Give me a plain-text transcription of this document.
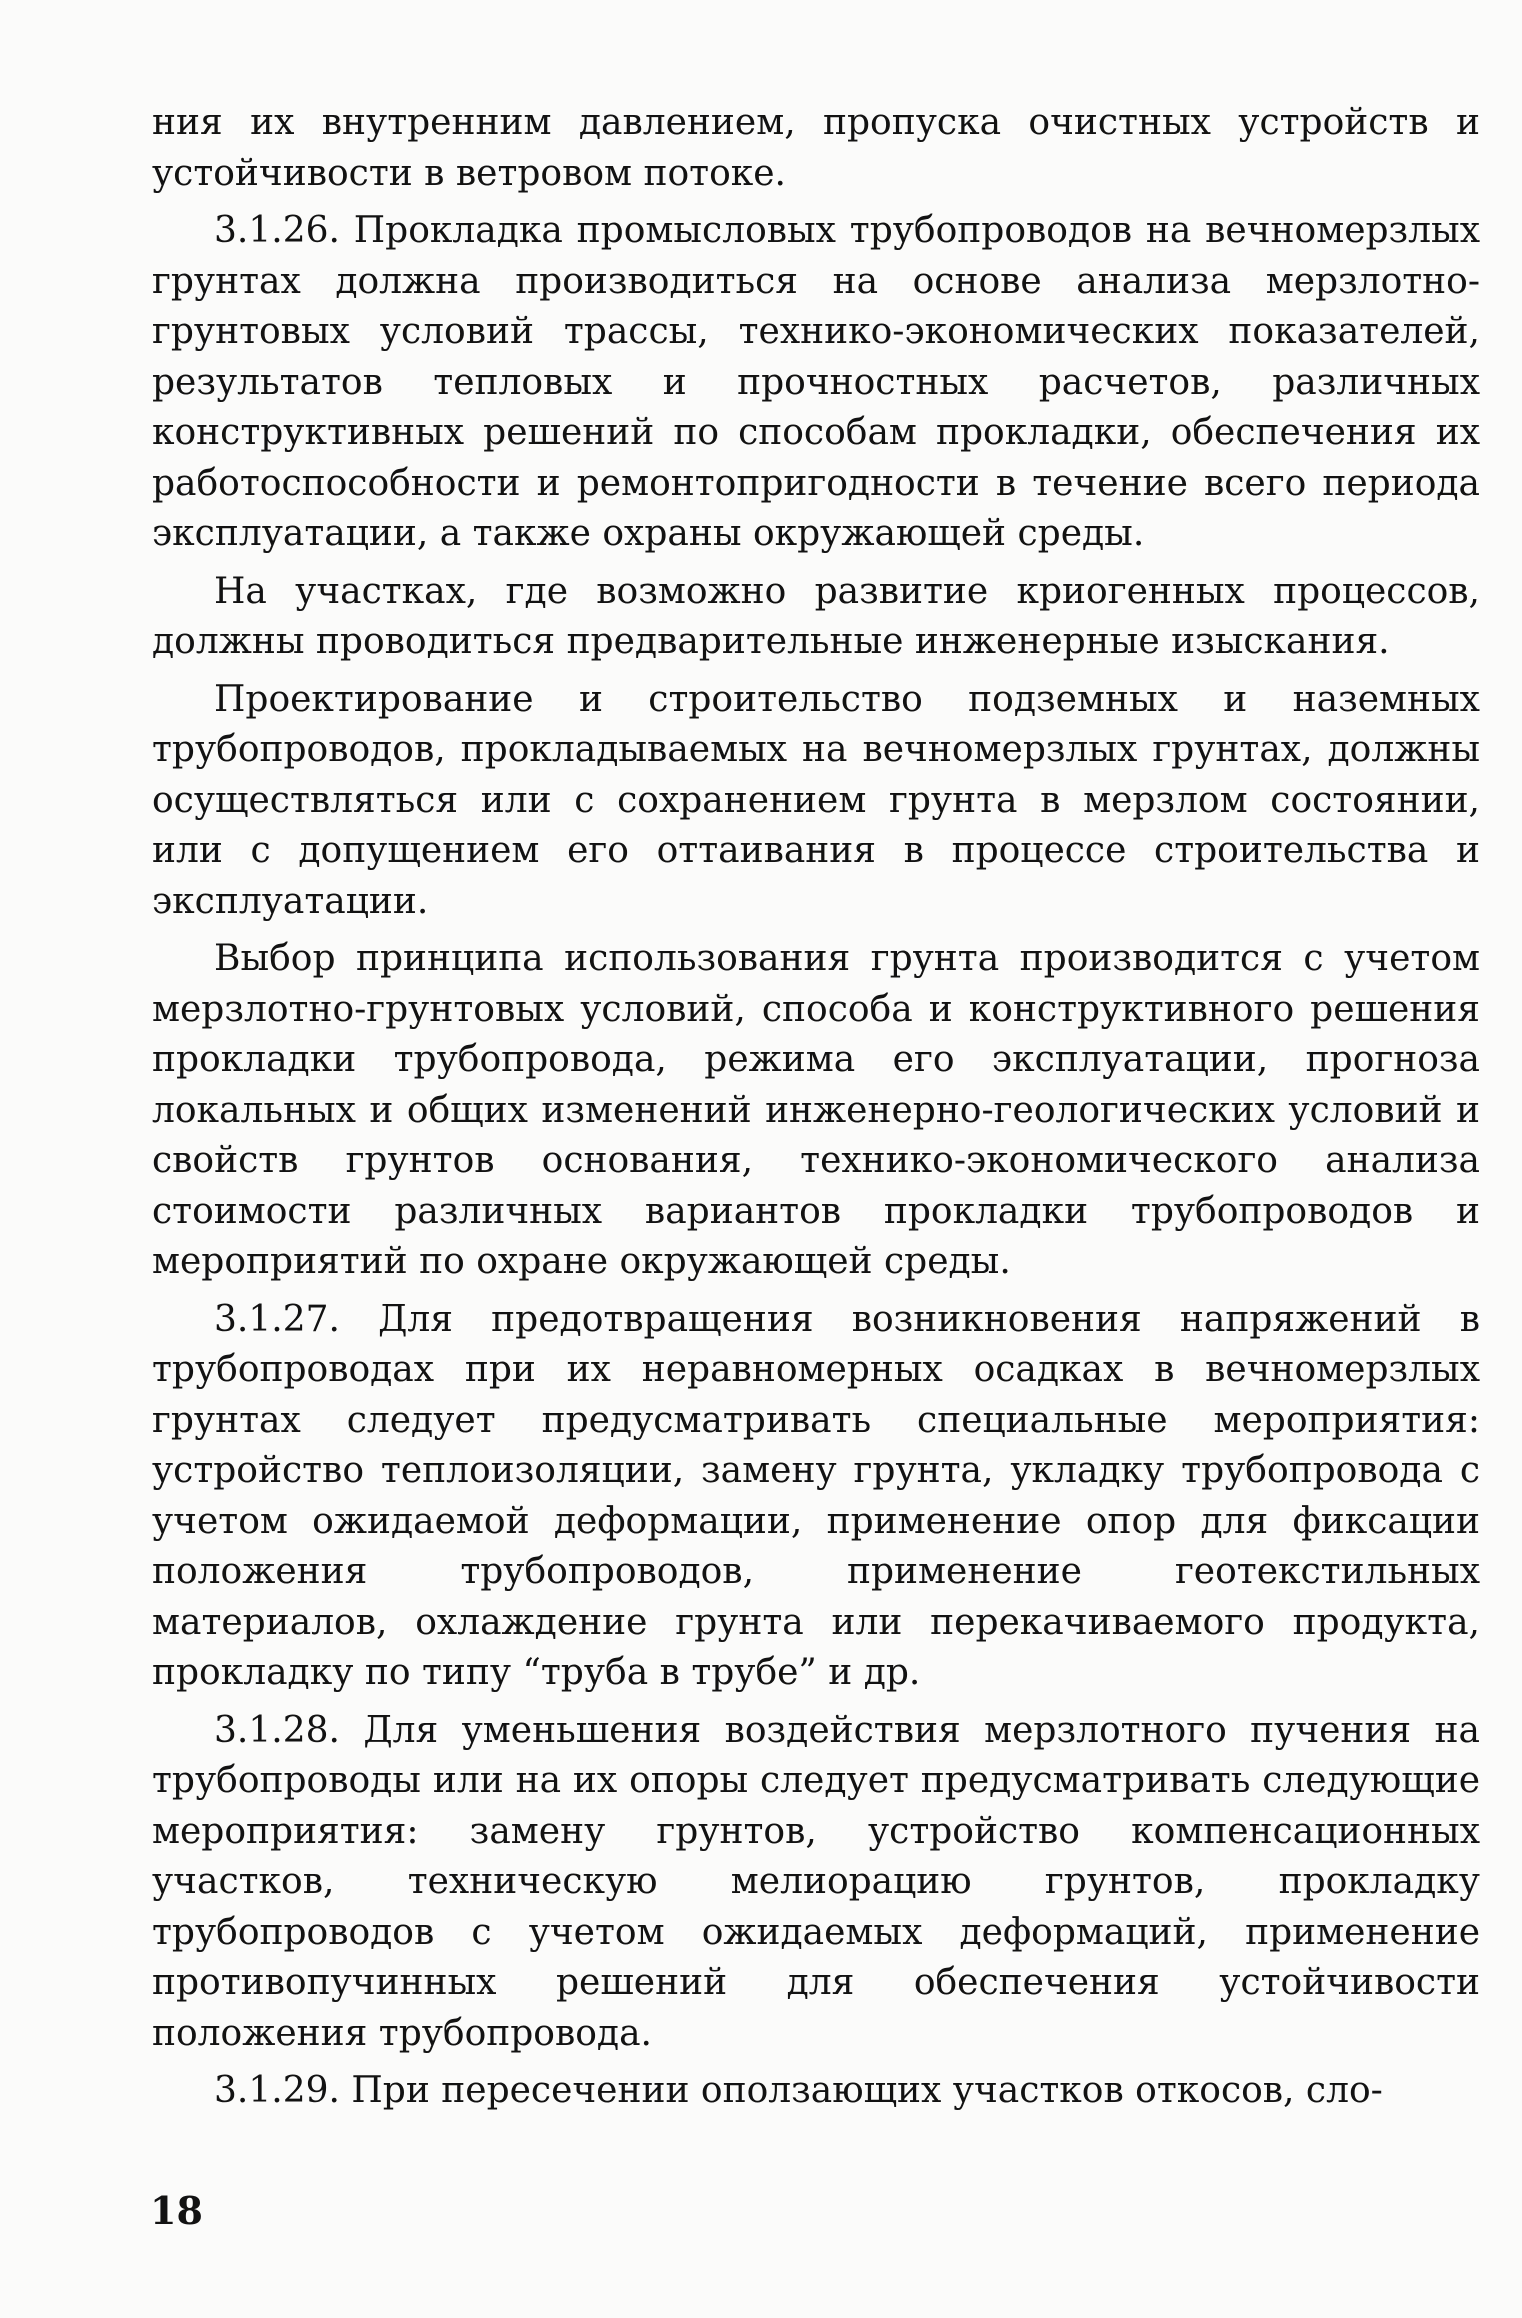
ния их внутренним давлением, пропуска очистных устройств и устойчивости в ветровом потоке.

3.1.26. Прокладка промысловых трубопроводов на вечномерзлых грунтах должна производиться на основе анализа мерзлотно-грунтовых условий трассы, технико-экономических показателей, результатов тепловых и прочностных расчетов, различных конструктивных решений по способам прокладки, обеспечения их работоспособности и ремонтопригодности в течение всего периода эксплуатации, а также охраны окружающей среды.

На участках, где возможно развитие криогенных процессов, должны проводиться предварительные инженерные изыскания.

Проектирование и строительство подземных и наземных трубопроводов, прокладываемых на вечномерзлых грунтах, должны осуществляться или с сохранением грунта в мерзлом состоянии, или с допущением его оттаивания в процессе строительства и эксплуатации.

Выбор принципа использования грунта производится с учетом мерзлотно-грунтовых условий, способа и конструктивного решения прокладки трубопровода, режима его эксплуатации, прогноза локальных и общих изменений инженерно-геологических условий и свойств грунтов основания, технико-экономического анализа стоимости различных вариантов прокладки трубопроводов и мероприятий по охране окружающей среды.

3.1.27. Для предотвращения возникновения напряжений в трубопроводах при их неравномерных осадках в вечномерзлых грунтах следует предусматривать специальные мероприятия: устройство теплоизоляции, замену грунта, укладку трубопровода с учетом ожидаемой деформации, применение опор для фиксации положения трубопроводов, применение геотекстильных материалов, охлаждение грунта или перекачиваемого продукта, прокладку по типу “труба в трубе” и др.

3.1.28. Для уменьшения воздействия мерзлотного пучения на трубопроводы или на их опоры следует предусматривать следующие мероприятия: замену грунтов, устройство компенсационных участков, техническую мелиорацию грунтов, прокладку трубопроводов с учетом ожидаемых деформаций, применение противопучинных решений для обеспечения устойчивости положения трубопровода.

3.1.29. При пересечении оползающих участков откосов, сло-

18
